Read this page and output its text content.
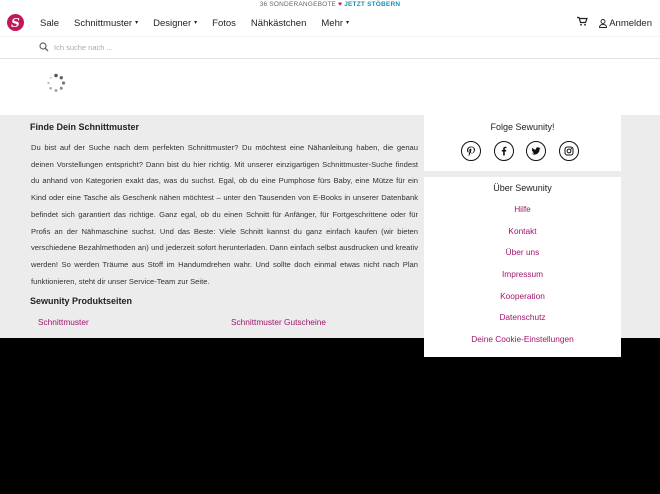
36 SONDERANGEBOTE ♥ JETZT STÖBERN
S	Sale Schnittmuster ▾ Designer ▾ Fotos Nähkästchen Mehr ▾	Anmelden
Ich suche nach ...
Finde Dein Schnittmuster

Du bist auf der Suche nach dem perfekten Schnittmuster? Du möchtest eine Nähanleitung haben, die genau deinen Vorstellungen entspricht? Dann bist du hier richtig. Mit unserer einzigartigen Schnittmuster-Suche findest du anhand von Kategorien exakt das, was du suchst. Egal, ob du eine Pumphose fürs Baby, eine Mütze für ein Kind oder eine Tasche als Geschenk nähen möchtest – unter den Tausenden von E-Books in unserer Datenbank befindet sich garantiert das richtige. Ganz egal, ob du einen Schnitt für Anfänger, für Fortgeschrittene oder für Profis an der Nähmaschine suchst. Und das Beste: Viele Schnitt kannst du ganz einfach kaufen (wir bieten verschiedene Bezahlmethoden an) und jederzeit sofort herunterladen. Dann einfach selbst ausdrucken und kreativ werden! So werden Träume aus Stoff im Handumdrehen wahr. Und sollte doch einmal etwas nicht nach Plan funktionieren, steht dir unser Service-Team zur Seite.

Sewunity Produktseiten
Schnittmuster	Schnittmuster Gutscheine
Folge Sewunity!
Über Sewunity
Hilfe
Kontakt
Über uns
Impressum
Kooperation
Datenschutz
Deine Cookie-Einstellungen
